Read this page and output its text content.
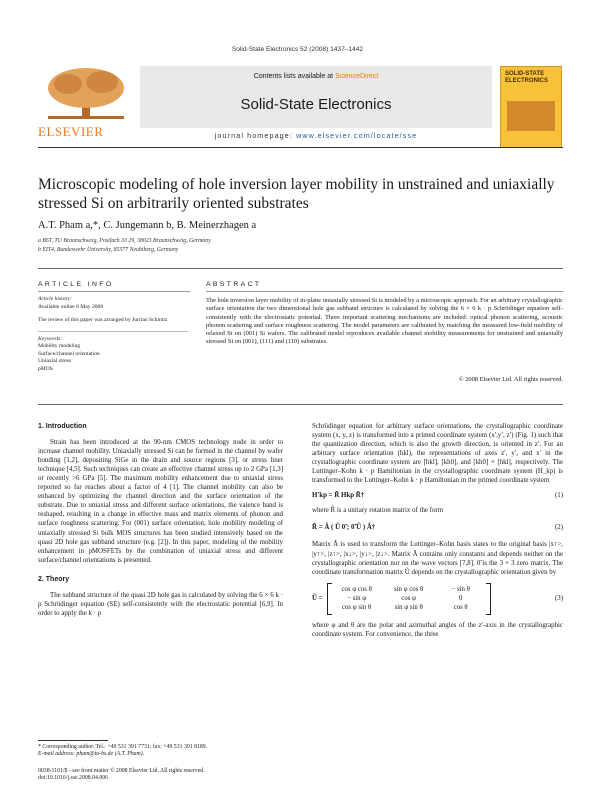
Solid-State Electronics 52 (2008) 1437–1442
Contents lists available at ScienceDirect
Solid-State Electronics
journal homepage: www.elsevier.com/locate/sse
ELSEVIER
SOLID-STATE ELECTRONICS
Microscopic modeling of hole inversion layer mobility in unstrained and uniaxially stressed Si on arbitrarily oriented substrates
A.T. Pham a,*, C. Jungemann b, B. Meinerzhagen a
a BST, TU Braunschweig, Postfach 33 29, 38023 Braunschweig, Germany
b EIT4, Bundeswehr University, 85577 Neubiberg, Germany
ARTICLE INFO	ABSTRACT
Article history:
Available online 8 May 2008
The review of this paper was arranged by Jurrian Schmitz
Keywords:
Mobility modeling
Surface/channel orientation
Uniaxial stress
pMOS
The hole inversion layer mobility of in-plane uniaxially stressed Si is modeled by a microscopic approach. For an arbitrary crystallographic surface orientation the two dimensional hole gas subband structure is calculated by solving the 6 × 6 k · p Schrödinger equation self-consistently with the electrostatic potential. Three important scattering mechanisms are included: optical phonon scattering, acoustic phonon scattering and surface roughness scattering. The model parameters are calibrated by matching the measured low-field mobility of relaxed Si on (001) Si wafers. The calibrated model reproduces available channel mobility measurements for unstrained and uniaxially stressed Si on (001), (111) and (110) substrates.
© 2008 Elsevier Ltd. All rights reserved.
1. Introduction

Strain has been introduced at the 90-nm CMOS technology node in order to increase channel mobility. Uniaxially stressed Si can be formed in the channel by wafer bonding [1,2], depositing SiGe in the drain and source regions [3], or stress liner technique [4,5]. Such techniques can create an effective channel stress up to 2 GPa [1,3] or recently >6 GPa [5]. The maximum mobility enhancement due to uniaxial stress reported so far reaches about a factor of 4 [1]. The channel mobility can also be enhanced by optimizing the channel direction and the surface orientation of the substrate. Due to uniaxial stress and different surface orientations, the valence band is reshaped, resulting in a change in effective mass and matrix elements of phonon and surface roughness scattering. For (001) surface orientation, hole mobility modeling of uniaxially stressed Si bulk MOS structures has been studied intensively based on the quasi 2D hole gas subband structure (e.g. [2]). In this paper, modeling of the mobility enhancement in pMOSFETs by the combination of uniaxial stress and different surface/channel orientations is presented.

2. Theory

The subband structure of the quasi 2D hole gas is calculated by solving the 6 × 6 k · p Schrödinger equation (SE) self-consistently with the electrostatic potential [6,9]. In order to apply the k · p

* Corresponding author. Tel.: +49 531 391 7731; fax: +49 531 391 8189.
E-mail address: pham@tu-bs.de (A.T. Pham).
0038-1101/$ - see front matter © 2008 Elsevier Ltd. All rights reserved.
doi:10.1016/j.sse.2008.04.006

Schrödinger equation for arbitrary surface orientations, the crystallographic coordinate system (x, y, z) is transformed into a primed coordinate system (x′,y′, z′) (Fig. 1) such that the quantization direction, which is also the growth direction, is oriented in z′. For an arbitrary surface orientation (hkl), the representations of axes z′, y′, and x′ in the crystallographic coordinate system are [hkl], [kh0], and [kh0] × [hkl], respectively. The Luttinger–Kohn k · p Hamiltonian in the crystallographic coordinate system (H_kp) is transformed to the Luttinger–Kohn k · p Hamiltonian in the primed coordinate system

H′kp = R̃ Hkp R̃†	(1)

where R̃ is a unitary rotation matrix of the form

R̃ = Ã ( Ũ 0̃ ; 0̃ Ũ ) Ã†	(2)

Matrix Ã is used to transform the Luttinger–Kohn basis states to the original basis |x↑>, |y↑>, |z↑>, |x↓>, |y↓>, |z↓>. Matrix Ã contains only constants and depends neither on the crystallographic orientation nor on the wave vectors [7,8]. 0̃ is the 3 × 3 zero matrix. The coordinate transformation matrix Ũ depends on the crystallographic orientation given by

Ũ =
cos φ cos θ	sin φ cos θ	− sin θ
− sin φ	cos φ	0
cos φ sin θ	sin φ sin θ	cos θ
(3)

where φ and θ are the polar and azimuthal angles of the z′-axis in the crystallographic coordinate system. For convenience, the three
